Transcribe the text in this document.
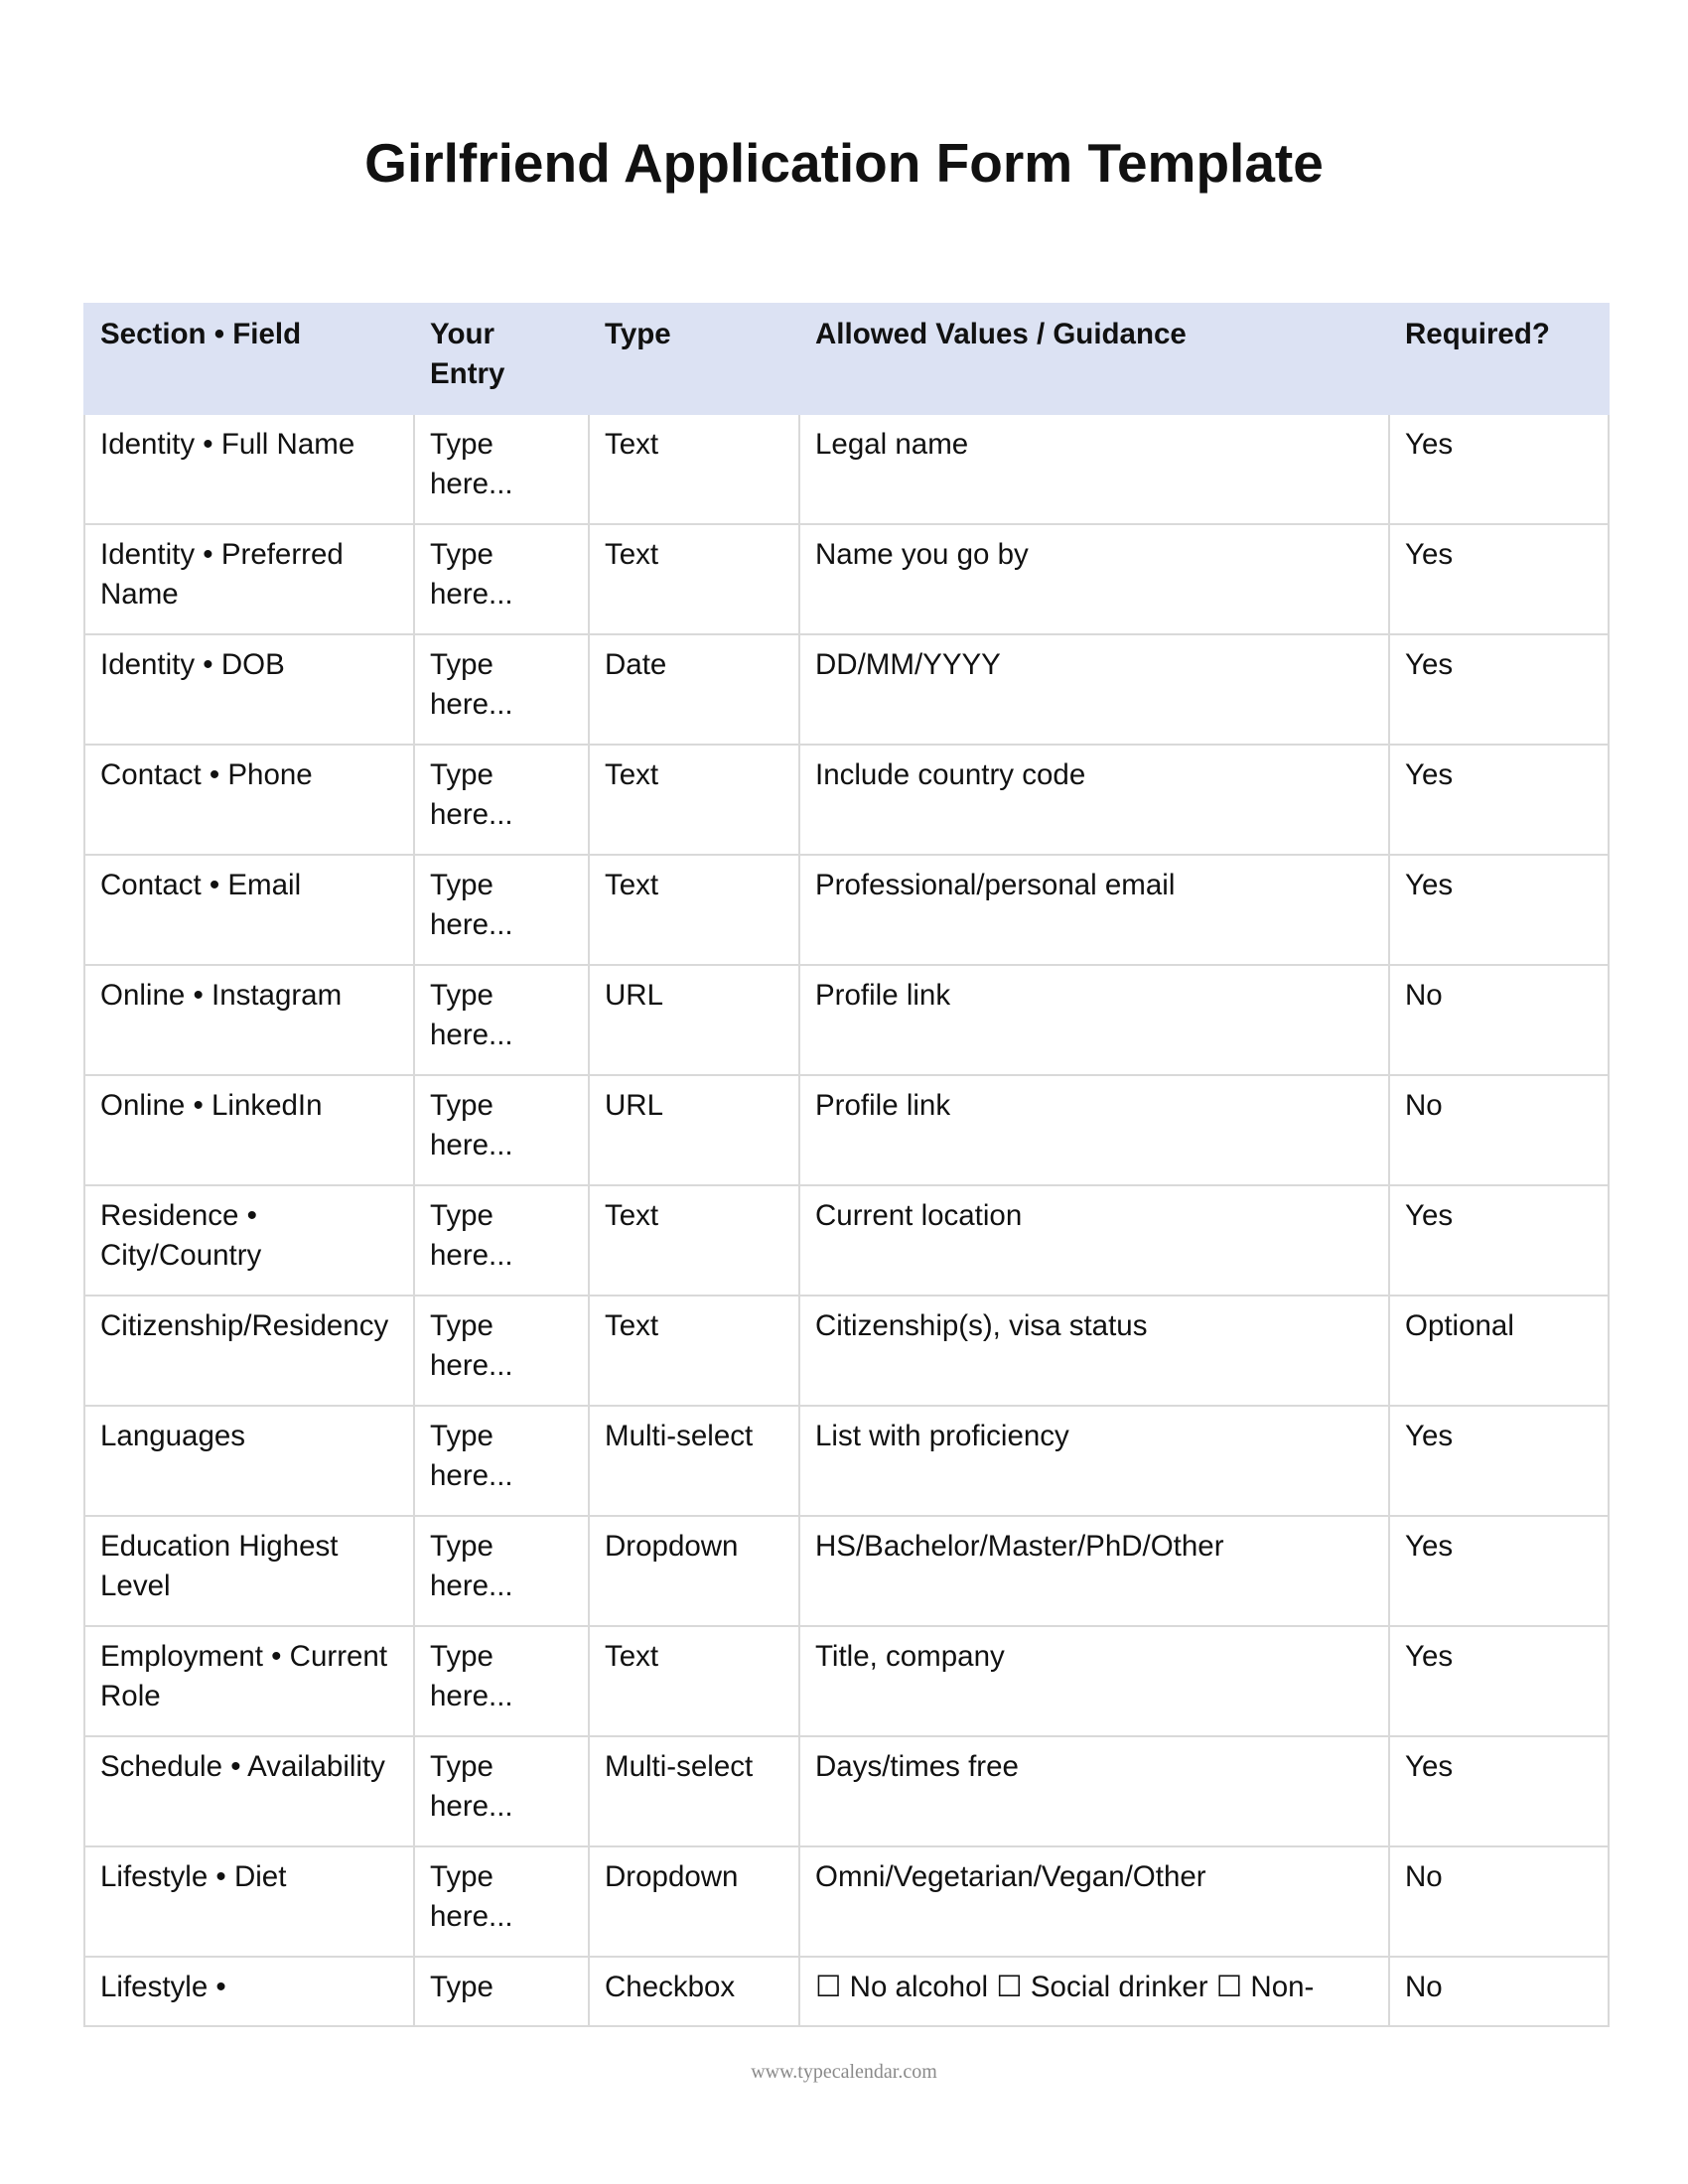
Girlfriend Application Form Template
Section • Field	Your Entry	Type	Allowed Values / Guidance	Required?
Identity • Full Name	Type here...	Text	Legal name	Yes
Identity • Preferred Name	Type here...	Text	Name you go by	Yes
Identity • DOB	Type here...	Date	DD/MM/YYYY	Yes
Contact • Phone	Type here...	Text	Include country code	Yes
Contact • Email	Type here...	Text	Professional/personal email	Yes
Online • Instagram	Type here...	URL	Profile link	No
Online • LinkedIn	Type here...	URL	Profile link	No
Residence • City/Country	Type here...	Text	Current location	Yes
Citizenship/Residency	Type here...	Text	Citizenship(s), visa status	Optional
Languages	Type here...	Multi-select	List with proficiency	Yes
Education Highest Level	Type here...	Dropdown	HS/Bachelor/Master/PhD/Other	Yes
Employment • Current Role	Type here...	Text	Title, company	Yes
Schedule • Availability	Type here...	Multi-select	Days/times free	Yes
Lifestyle • Diet	Type here...	Dropdown	Omni/Vegetarian/Vegan/Other	No
Lifestyle •	Type	Checkbox	☐ No alcohol ☐ Social drinker ☐ Non-	No
www.typecalendar.com
